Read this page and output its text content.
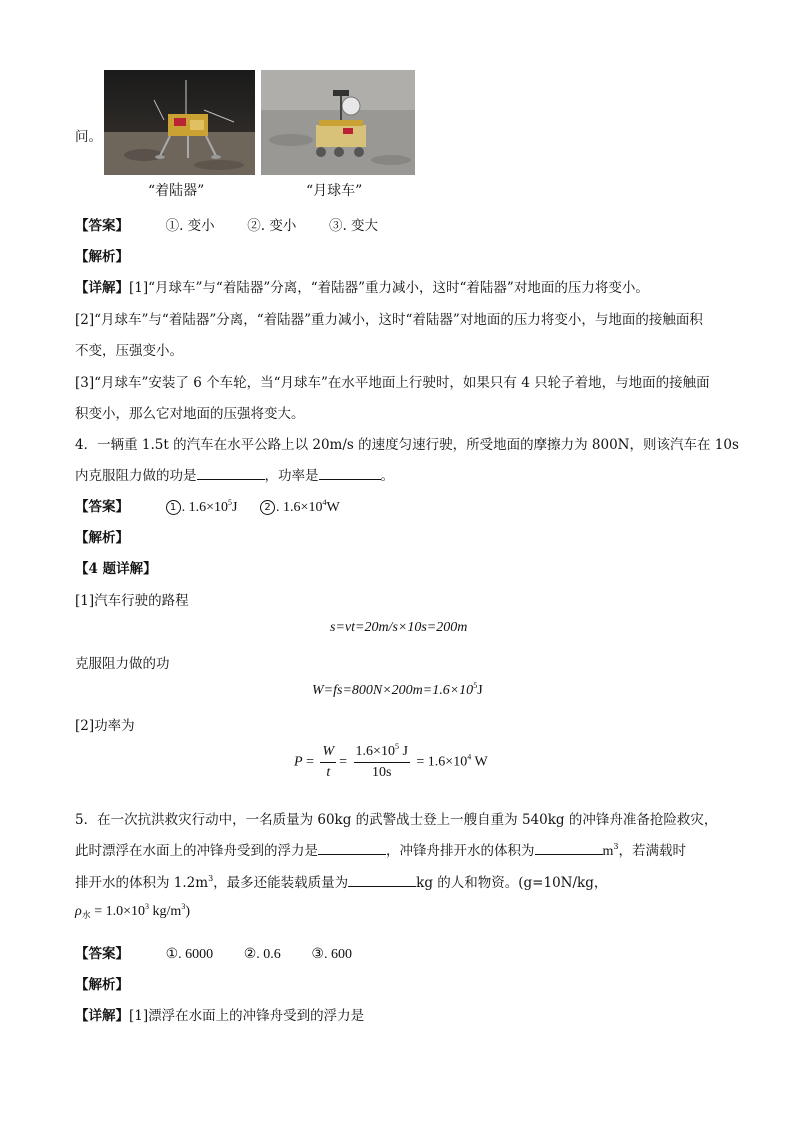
问。
“着陆器”	“月球车”
【答案】	①. 变小 ②. 变小 ③. 变大
【解析】
【详解】[1]“月球车”与“着陆器”分离，“着陆器”重力减小，这时“着陆器”对地面的压力将变小。
[2]“月球车”与“着陆器”分离，“着陆器”重力减小，这时“着陆器”对地面的压力将变小，与地面的接触面积
不变，压强变小。
[3]“月球车”安装了 6 个车轮，当“月球车”在水平地面上行驶时，如果只有 4 只轮子着地，与地面的接触面
积变小，那么它对地面的压强将变大。
4．一辆重 1.5t 的汽车在水平公路上以 20m/s 的速度匀速行驶，所受地面的摩擦力为 800N，则该汽车在 10s
内克服阻力做的功是	，功率是	。
【答案】	1 . $1.6\times 10^5J$	2 . $1.6\times 10^4W$
【解析】
【4 题详解】
[1]汽车行驶的路程
s=vt=20m/s×10s=200m
克服阻力做的功
$W=fs=800N\times 200m=1.6\times 10^5J$
[2]功率为
$P = \frac{W}{t} = \frac{1.6\times 10^5 J}{10s} = 1.6\times 10^4$ W
5．在一次抗洪救灾行动中，一名质量为 60kg 的武警战士登上一艘自重为 540kg 的冲锋舟准备抢险救灾，
此时漂浮在水面上的冲锋舟受到的浮力是	，冲锋舟排开水的体积为	$m^3$，若满载时
排开水的体积为 $1.2m^3$，最多还能装载质量为	kg 的人和物资。(g=10N/kg，
$\rho_水 = 1.0\times 10^3$ $kg/m^3$)
【答案】	①. 6000 ②. 0.6 ③. 600
【解析】
【详解】[1]漂浮在水面上的冲锋舟受到的浮力是
